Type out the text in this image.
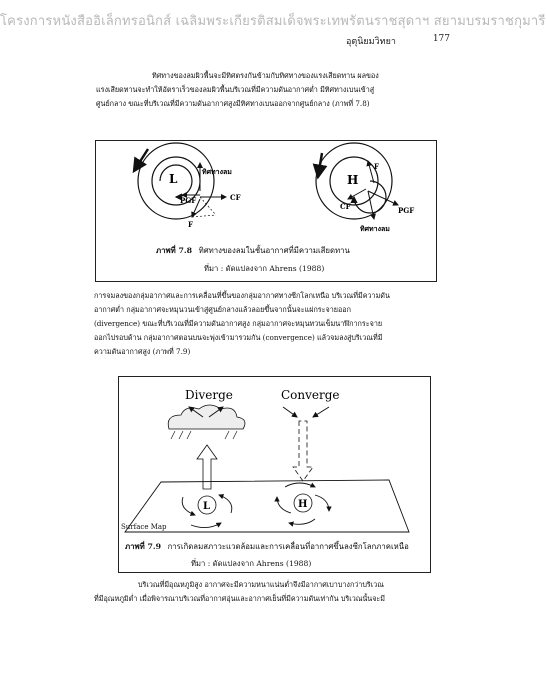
โครงการหนังสืออิเล็กทรอนิกส์ เฉลิมพระเกียรติสมเด็จพระเทพรัตนราชสุดาฯ สยามบรมราชกุมารี
อุตุนิยมวิทยา	177
ทิศทางของลมผิวพื้นจะมีทิศตรงกันข้ามกับทิศทางของแรงเสียดทาน ผลของ
แรงเสียดทานจะทำให้อัตราเร็วของลมผิวพื้นบริเวณที่มีความดันอากาศต่ำ มีทิศทางเบนเข้าสู่
ศูนย์กลาง ขณะที่บริเวณที่มีความดันอากาศสูงมีทิศทางเบนออกจากศูนย์กลาง (ภาพที่ 7.8)
L
ทิศทางลม
PGF	CF
F
H
F
CF	PGF
ทิศทางลม
ภาพที่ 7.8 ทิศทางของลมในชั้นอากาศที่มีความเสียดทาน
ที่มา : ดัดแปลงจาก Ahrens (1988)
การจมลงของกลุ่มอากาศและการเคลื่อนที่ขึ้นของกลุ่มอากาศทางซีกโลกเหนือ บริเวณที่มีความดัน
อากาศต่ำ กลุ่มอากาศจะหมุนวนเข้าสู่ศูนย์กลางแล้วลอยขึ้นจากนั้นจะแผ่กระจายออก
(divergence) ขณะที่บริเวณที่มีความดันอากาศสูง กลุ่มอากาศจะหมุนทวนเข็มนาฬิกากระจาย
ออกไปรอบด้าน กลุ่มอากาศตอนบนจะพุ่งเข้ามารวมกัน (convergence) แล้วจมลงสู่บริเวณที่มี
ความดันอากาศสูง (ภาพที่ 7.9)
Diverge	Converge
L	H
Surface Map
ภาพที่ 7.9 การเกิดลมสภาวะแวดล้อมและการเคลื่อนที่อากาศขึ้นลงซีกโลกภาคเหนือ
ที่มา : ดัดแปลงจาก Ahrens (1988)
บริเวณที่มีอุณหภูมิสูง อากาศจะมีความหนาแน่นต่ำจึงมีอากาศเบาบางกว่าบริเวณ
ที่มีอุณหภูมิต่ำ เมื่อพิจารณาบริเวณที่อากาศอุ่นและอากาศเย็นที่มีความดันเท่ากัน บริเวณนั้นจะมี
